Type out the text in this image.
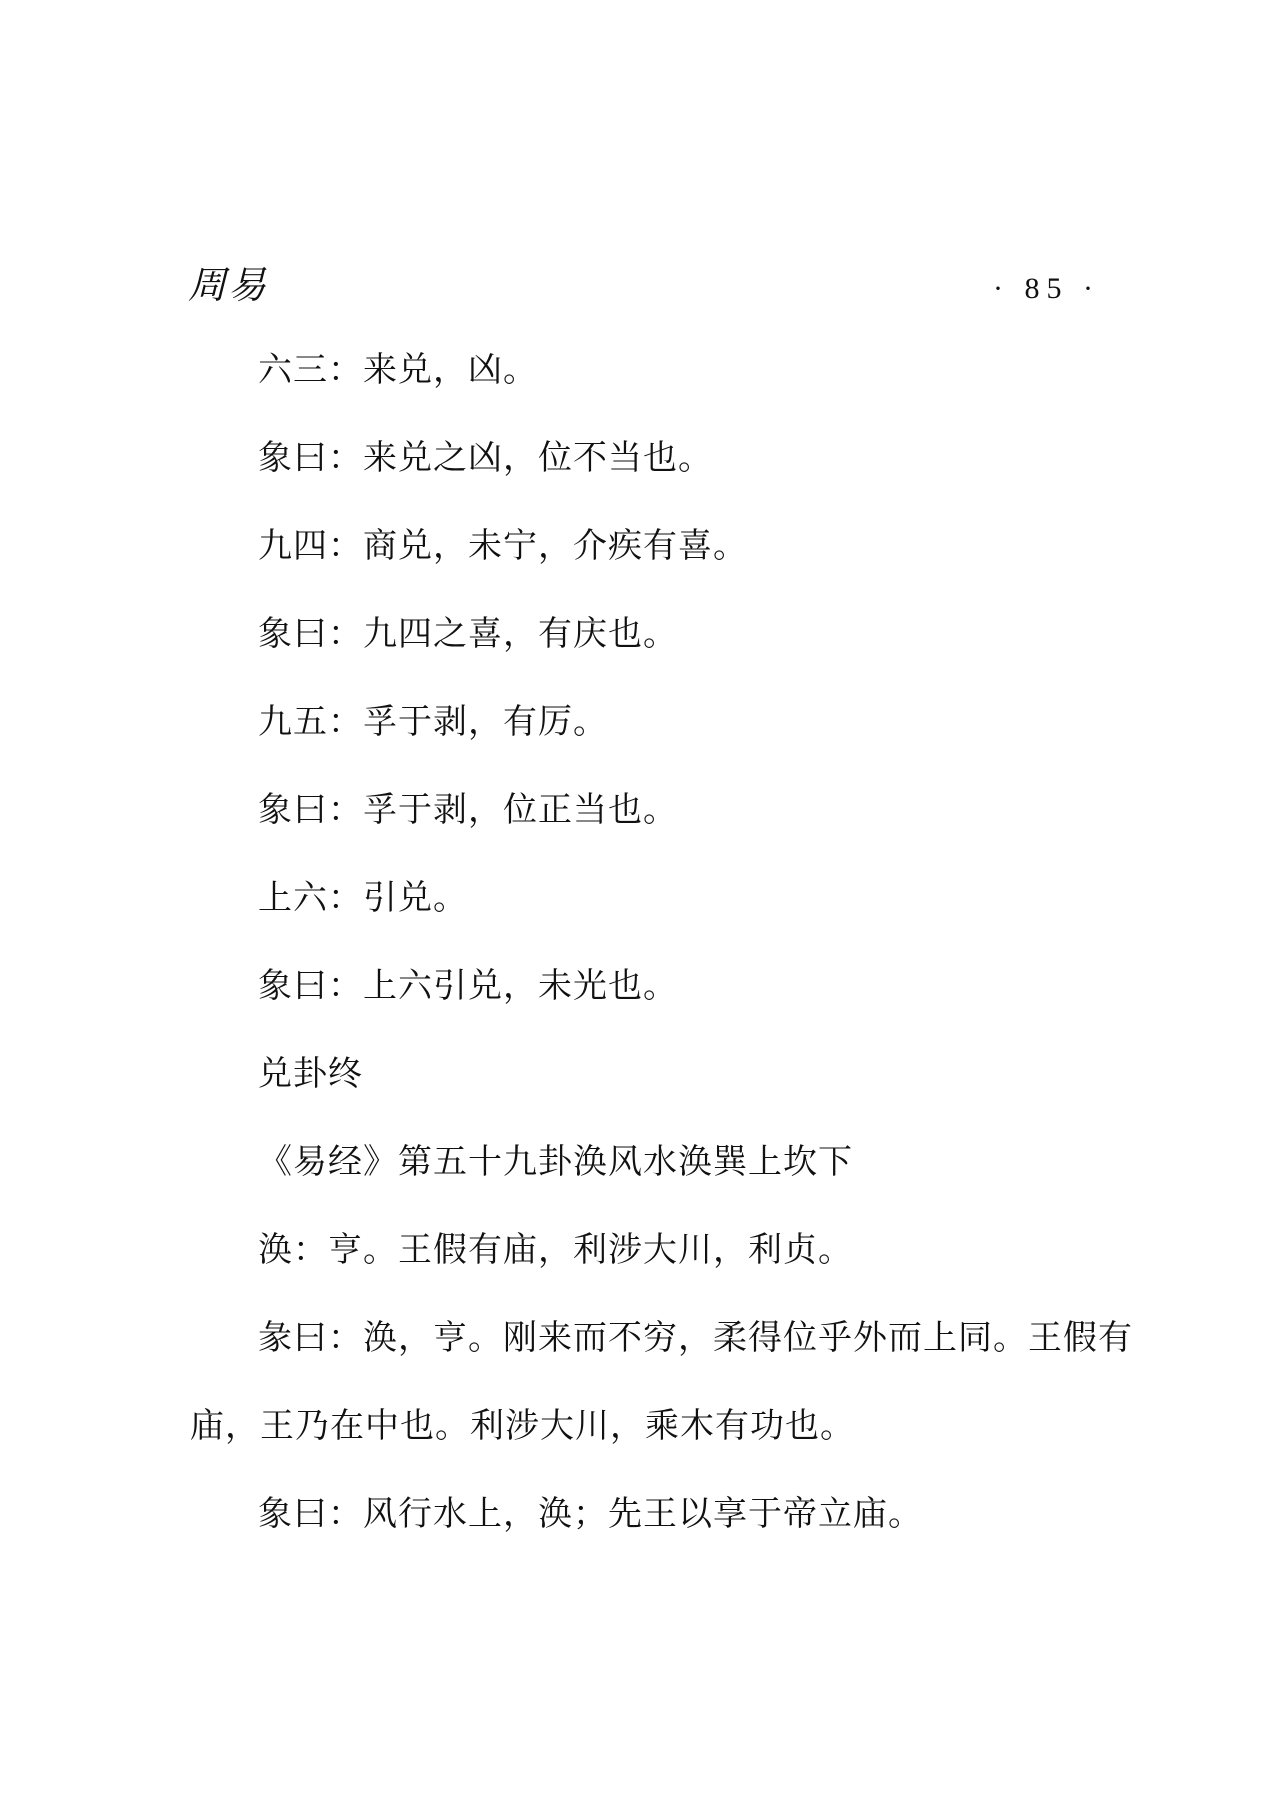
周易	· 85 ·
六三：来兑，凶。
象曰：来兑之凶，位不当也。
九四：商兑，未宁，介疾有喜。
象曰：九四之喜，有庆也。
九五：孚于剥，有厉。
象曰：孚于剥，位正当也。
上六：引兑。
象曰：上六引兑，未光也。
兑卦终
《易经》第五十九卦涣风水涣巽上坎下
涣：亨。王假有庙，利涉大川，利贞。
彖曰：涣，亨。刚来而不穷，柔得位乎外而上同。王假有
庙，王乃在中也。利涉大川，乘木有功也。
象曰：风行水上，涣；先王以享于帝立庙。
